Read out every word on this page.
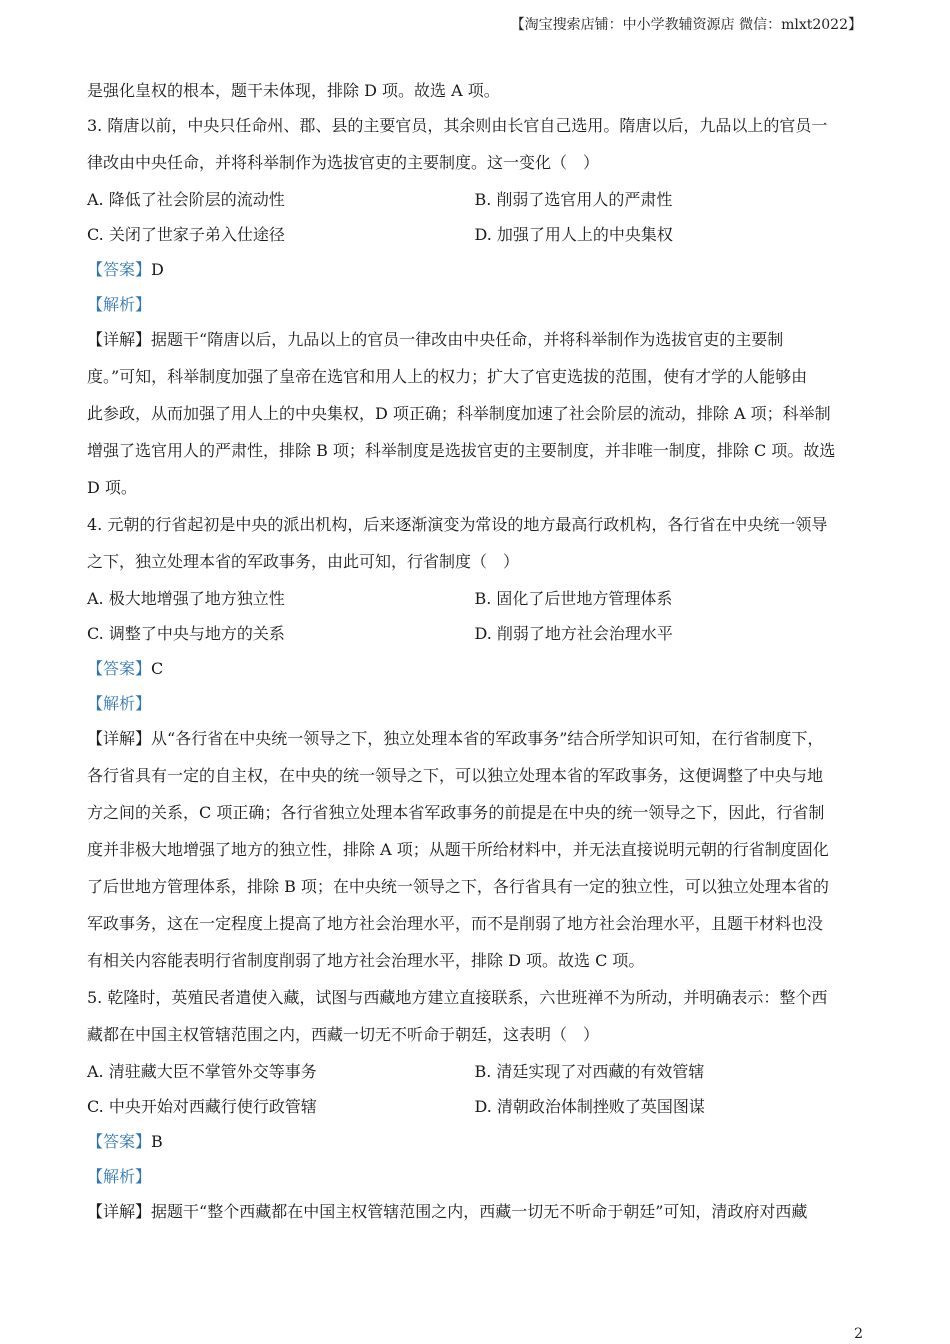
【淘宝搜索店铺：中小学教辅资源店 微信：mlxt2022】
是强化皇权的根本，题干未体现，排除 D 项。故选 A 项。
3. 隋唐以前，中央只任命州、郡、县的主要官员，其余则由长官自己选用。隋唐以后，九品以上的官员一
律改由中央任命，并将科举制作为选拔官吏的主要制度。这一变化（　）
A. 降低了社会阶层的流动性	B. 削弱了选官用人的严肃性
C. 关闭了世家子弟入仕途径	D. 加强了用人上的中央集权
【答案】D
【解析】
【详解】据题干“隋唐以后，九品以上的官员一律改由中央任命，并将科举制作为选拔官吏的主要制
度。”可知，科举制度加强了皇帝在选官和用人上的权力；扩大了官吏选拔的范围，使有才学的人能够由
此参政，从而加强了用人上的中央集权，D 项正确；科举制度加速了社会阶层的流动，排除 A 项；科举制
增强了选官用人的严肃性，排除 B 项；科举制度是选拔官吏的主要制度，并非唯一制度，排除 C 项。故选
D 项。
4. 元朝的行省起初是中央的派出机构，后来逐渐演变为常设的地方最高行政机构，各行省在中央统一领导
之下，独立处理本省的军政事务，由此可知，行省制度（　）
A. 极大地增强了地方独立性	B. 固化了后世地方管理体系
C. 调整了中央与地方的关系	D. 削弱了地方社会治理水平
【答案】C
【解析】
【详解】从“各行省在中央统一领导之下，独立处理本省的军政事务”结合所学知识可知，在行省制度下，
各行省具有一定的自主权，在中央的统一领导之下，可以独立处理本省的军政事务，这便调整了中央与地
方之间的关系，C 项正确；各行省独立处理本省军政事务的前提是在中央的统一领导之下，因此，行省制
度并非极大地增强了地方的独立性，排除 A 项；从题干所给材料中，并无法直接说明元朝的行省制度固化
了后世地方管理体系，排除 B 项；在中央统一领导之下，各行省具有一定的独立性，可以独立处理本省的
军政事务，这在一定程度上提高了地方社会治理水平，而不是削弱了地方社会治理水平，且题干材料也没
有相关内容能表明行省制度削弱了地方社会治理水平，排除 D 项。故选 C 项。
5. 乾隆时，英殖民者遣使入藏，试图与西藏地方建立直接联系，六世班禅不为所动，并明确表示：整个西
藏都在中国主权管辖范围之内，西藏一切无不听命于朝廷，这表明（　）
A. 清驻藏大臣不掌管外交等事务	B. 清廷实现了对西藏的有效管辖
C. 中央开始对西藏行使行政管辖	D. 清朝政治体制挫败了英国图谋
【答案】B
【解析】
【详解】据题干“整个西藏都在中国主权管辖范围之内，西藏一切无不听命于朝廷”可知，清政府对西藏
2
